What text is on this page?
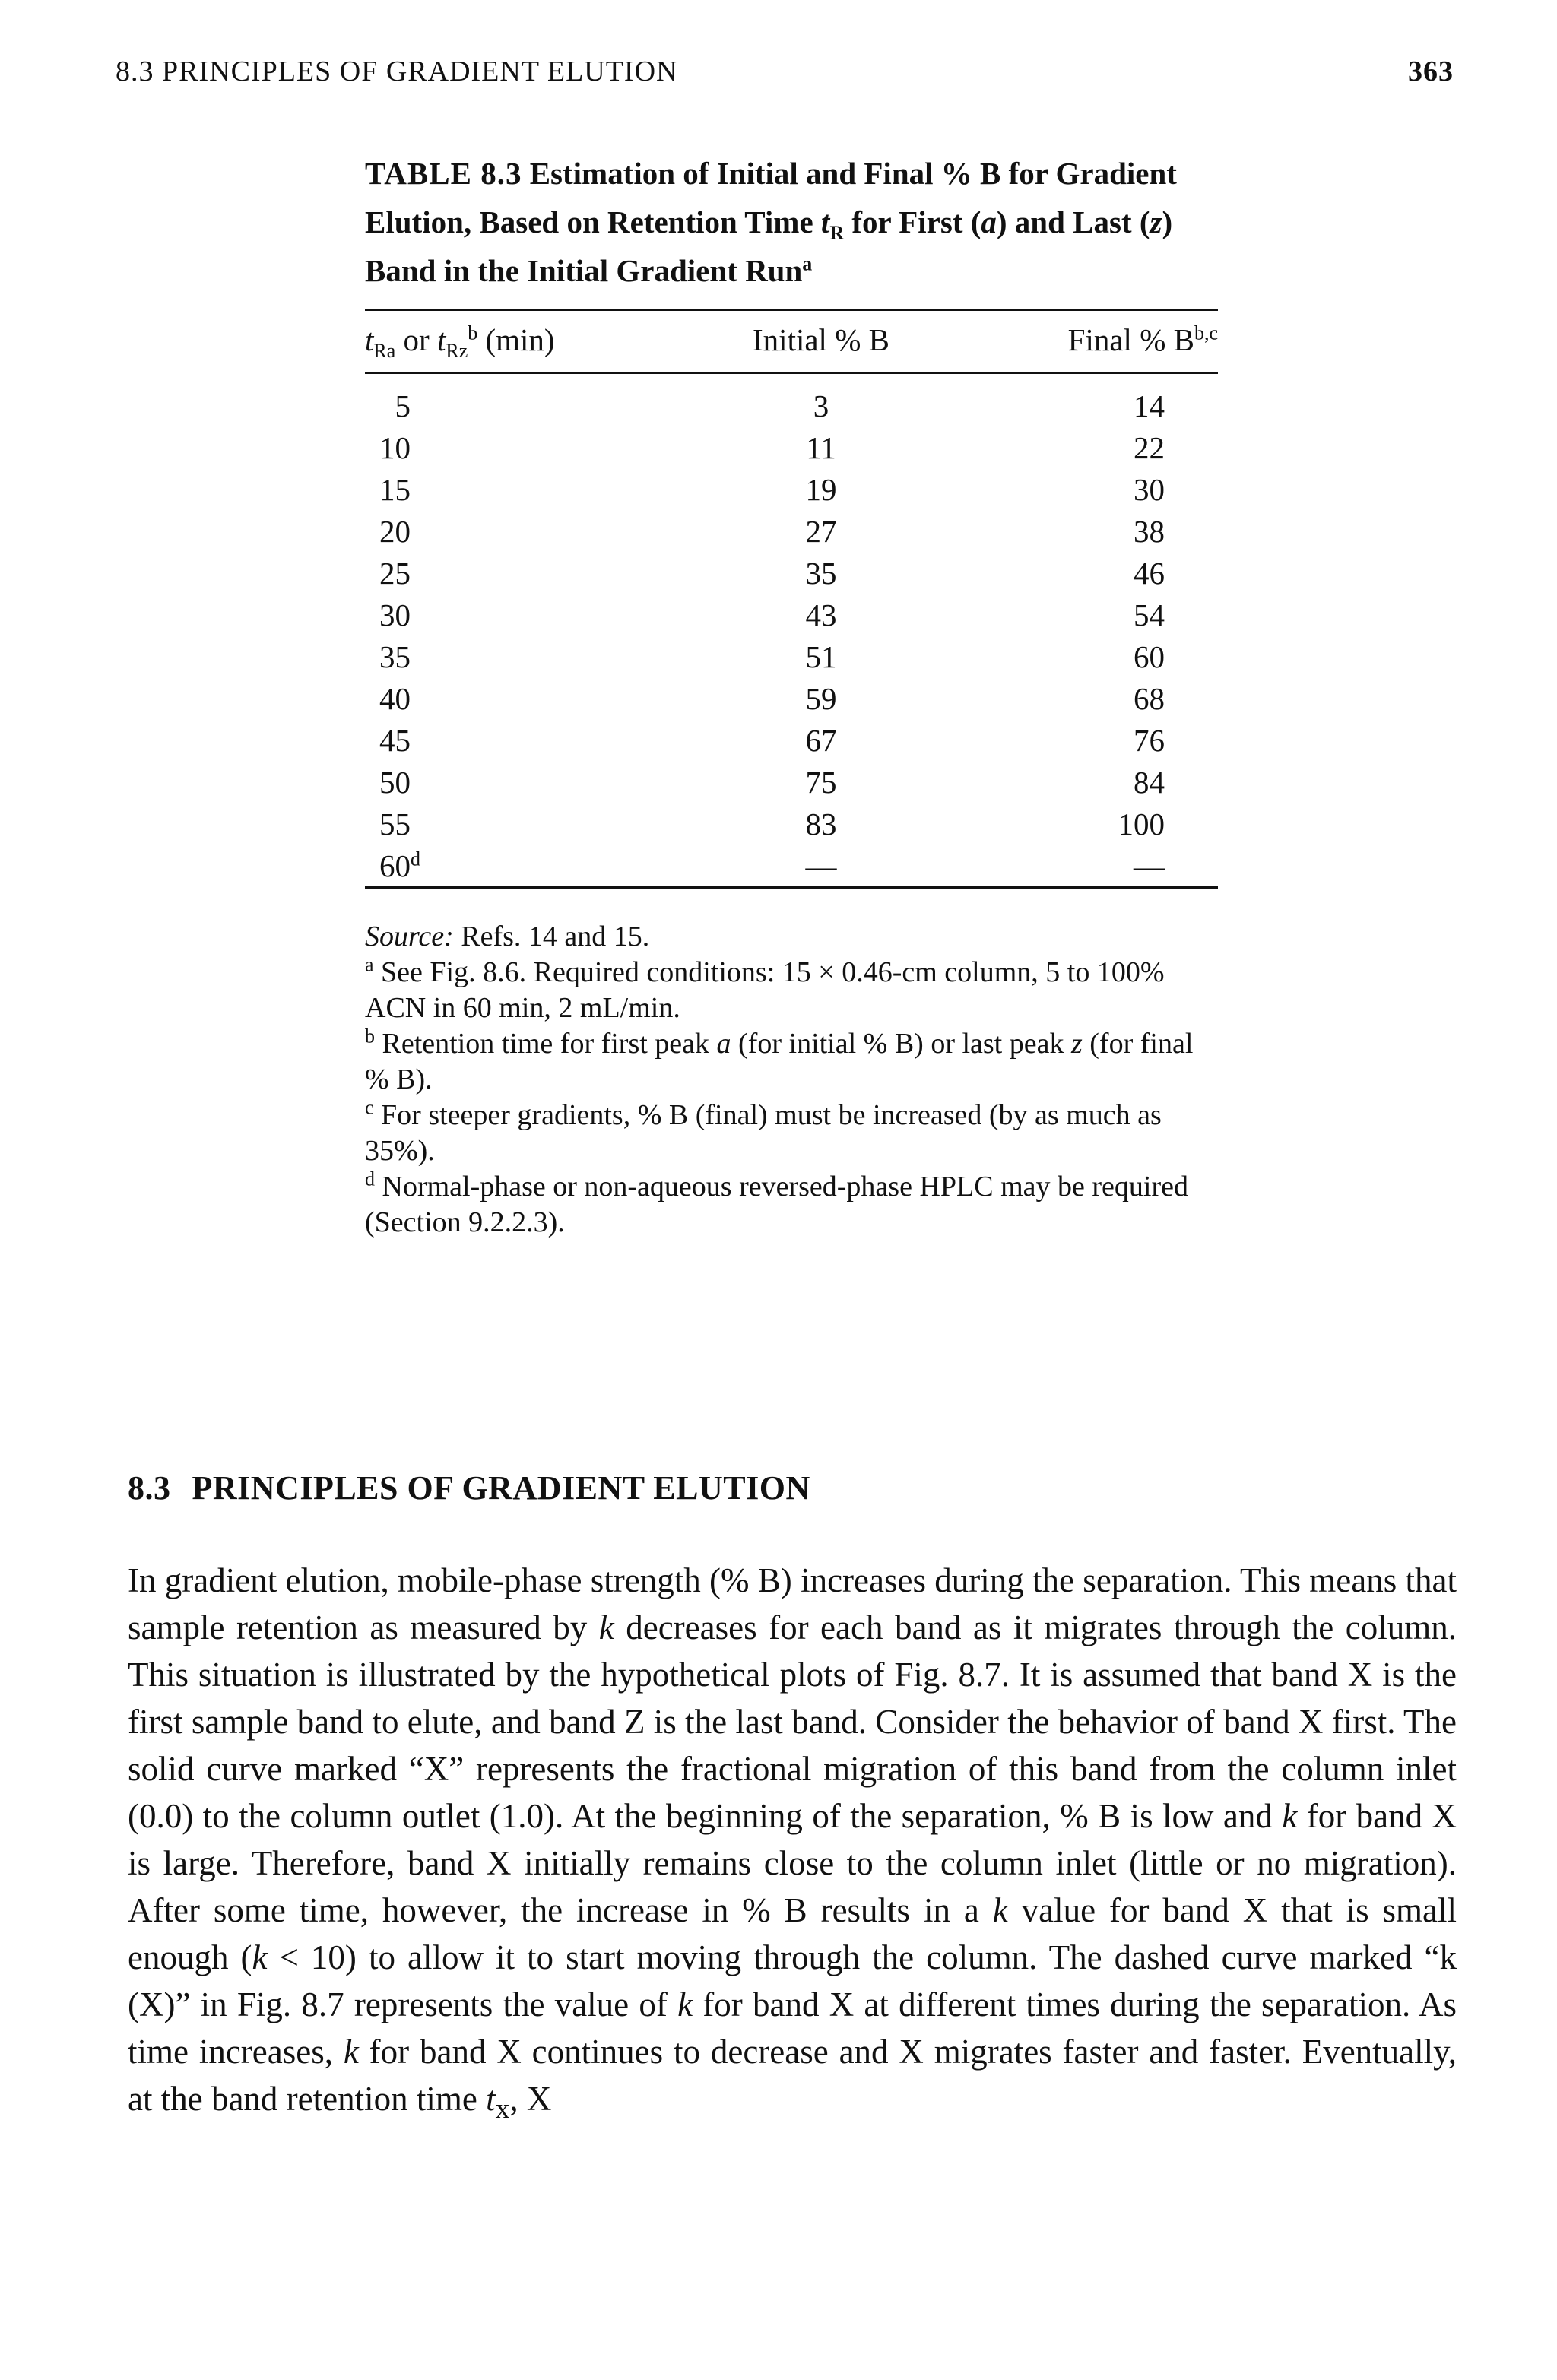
8.3 PRINCIPLES OF GRADIENT ELUTION	363

TABLE 8.3 Estimation of Initial and Final % B for Gradient Elution, Based on Retention Time $t_R$ for First (a) and Last (z) Band in the Initial Gradient Run$^a$

$t_{Ra}$ or $t_{Rz}^b$ (min)	Initial % B	Final % B$^{b,c}$
5	3	14
10	11	22
15	19	30
20	27	38
25	35	46
30	43	54
35	51	60
40	59	68
45	67	76
50	75	84
55	83	100
60$^d$	—	—

Source: Refs. 14 and 15.

$^a$ See Fig. 8.6. Required conditions: 15 × 0.46-cm column, 5 to 100% ACN in 60 min, 2 mL/min.

$^b$ Retention time for first peak a (for initial % B) or last peak z (for final % B).

$^c$ For steeper gradients, % B (final) must be increased (by as much as 35%).

$^d$ Normal-phase or non-aqueous reversed-phase HPLC may be required (Section 9.2.2.3).

8.3 PRINCIPLES OF GRADIENT ELUTION

In gradient elution, mobile-phase strength (% B) increases during the separation. This means that sample retention as measured by k decreases for each band as it migrates through the column. This situation is illustrated by the hypothetical plots of Fig. 8.7. It is assumed that band X is the first sample band to elute, and band Z is the last band. Consider the behavior of band X first. The solid curve marked “X” represents the fractional migration of this band from the column inlet (0.0) to the column outlet (1.0). At the beginning of the separation, % B is low and k for band X is large. Therefore, band X initially remains close to the column inlet (little or no migration). After some time, however, the increase in % B results in a k value for band X that is small enough (k < 10) to allow it to start moving through the column. The dashed curve marked “k (X)” in Fig. 8.7 represents the value of k for band X at different times during the separation. As time increases, k for band X continues to decrease and X migrates faster and faster. Eventually, at the band retention time $t_x$, X
